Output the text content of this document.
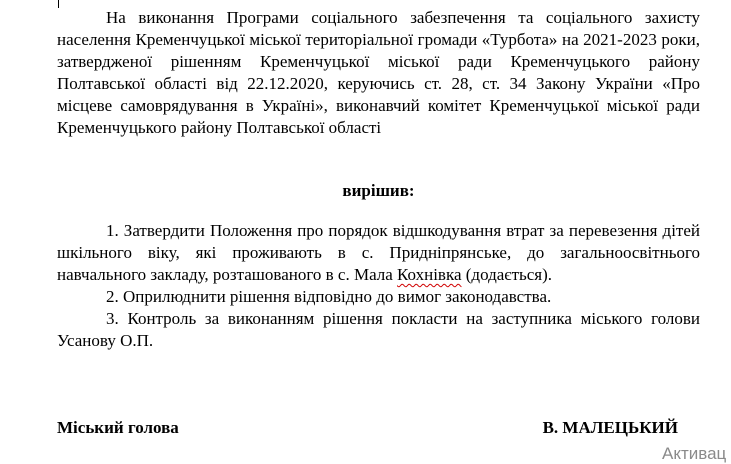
На виконання Програми соціального забезпечення та соціального захисту населення Кременчуцької міської територіальної громади «Турбота» на 2021-2023 роки, затвердженої рішенням Кременчуцької міської ради Кременчуцького району Полтавської області від 22.12.2020, керуючись ст. 28, ст. 34 Закону України «Про місцеве самоврядування в Україні», виконавчий комітет Кременчуцької міської ради Кременчуцького району Полтавської області

вирішив:

1. Затвердити Положення про порядок відшкодування втрат за перевезення дітей шкільного віку, які проживають в с. Придніпрянське, до загальноосвітнього навчального закладу, розташованого в с. Мала Кохнівка (додається).

2. Оприлюднити рішення відповідно до вимог законодавства.

3. Контроль за виконанням рішення покласти на заступника міського голови Усанову О.П.

Міський голова	В. МАЛЕЦЬКИЙ
Активац
